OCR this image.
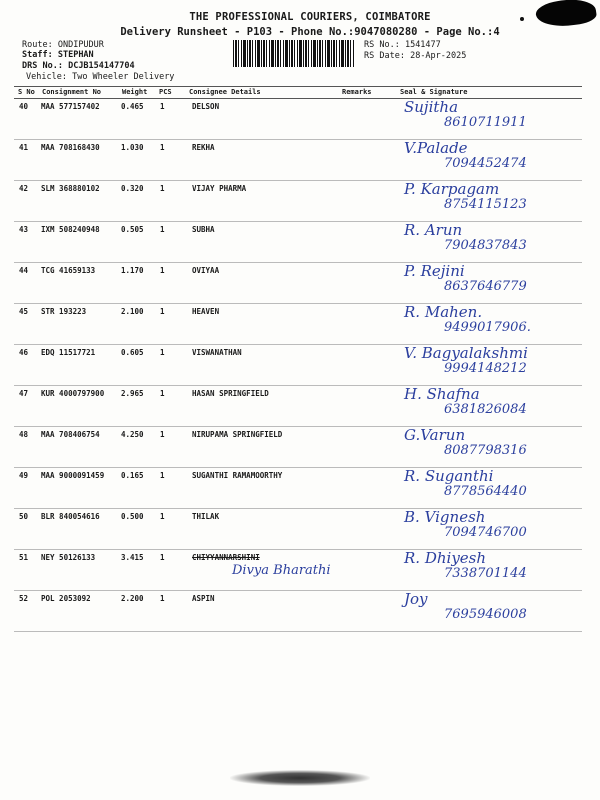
THE PROFESSIONAL COURIERS, COIMBATORE
Delivery Runsheet - P103 - Phone No.:9047080280 - Page No.:4
Route: ONDIPUDUR
Staff: STEPHAN
DRS No.: DCJB154147704
Vehicle: Two Wheeler Delivery
RS No.: 1541477
RS Date: 28-Apr-2025
S No Consignment No	Weight PCS Consignee Details	Remarks	Seal & Signature
40 MAA 577157402	0.465 1	DELSON	Sujitha
8610711911
41 MAA 708168430	1.030 1	REKHA	V.Palade
7094452474
42 SLM 368880102	0.320 1	VIJAY PHARMA	P. Karpagam
8754115123
43 IXM 508240948	0.505 1	SUBHA	R. Arun
7904837843
44 TCG 41659133	1.170 1	OVIYAA	P. Rejini
8637646779
45 STR 193223	2.100 1	HEAVEN	R. Mahen.
9499017906.
46 EDQ 11517721	0.605 1	VISWANATHAN	V. Bagyalakshmi
9994148212
47 KUR 4000797900 2.965 1	HASAN SPRINGFIELD	H. Shafna
6381826084
48 MAA 708406754	4.250 1	NIRUPAMA SPRINGFIELD	G.Varun
8087798316
49 MAA 9000091459 0.165 1	SUGANTHI RAMAMOORTHY	R. Suganthi
8778564440
50 BLR 840054616	0.500 1	THILAK	B. Vignesh
7094746700
51 NEY 50126133	3.415 1	CHIYYANNARSHINI
Divya Bharathi
R. Dhiyesh
7338701144
52 POL 2053092	2.200 1	ASPIN	Joy
7695946008
